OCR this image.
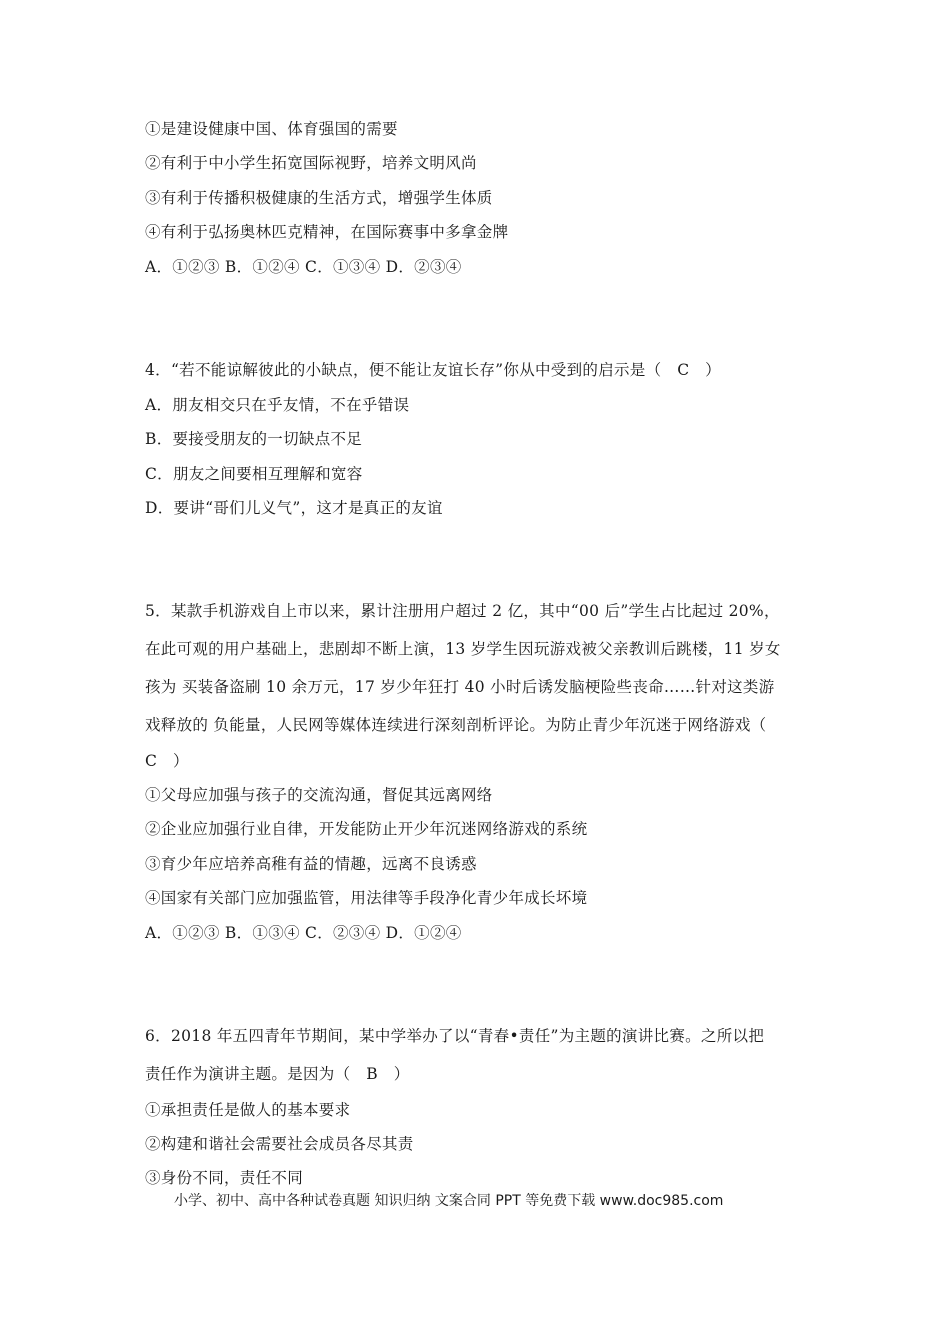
①是建设健康中国、体育强国的需要
②有利于中小学生拓宽国际视野，培养文明风尚
③有利于传播积极健康的生活方式，增强学生体质
④有利于弘扬奥林匹克精神，在国际赛事中多拿金牌
A．①②③ B．①②④ C．①③④ D．②③④
4．“若不能谅解彼此的小缺点，便不能让友谊长存”你从中受到的启示是（　C　）
A．朋友相交只在乎友情，不在乎错误
B．要接受朋友的一切缺点不足
C．朋友之间要相互理解和宽容
D．要讲“哥们儿义气”，这才是真正的友谊
5．某款手机游戏自上市以来，累计注册用户超过 2 亿，其中“00 后”学生占比起过 20%，
在此可观的用户基础上，悲剧却不断上演，13 岁学生因玩游戏被父亲教训后跳楼，11 岁女
孩为 买装备盗刷 10 余万元，17 岁少年狂打 40 小时后诱发脑梗险些丧命……针对这类游
戏释放的 负能量，人民网等媒体连续进行深刻剖析评论。为防止青少年沉迷于网络游戏（
C　）
①父母应加强与孩子的交流沟通，督促其远离网络
②企业应加强行业自律，开发能防止开少年沉迷网络游戏的系统
③育少年应培养高稚有益的情趣，远离不良诱惑
④国家有关部门应加强监管，用法律等手段净化青少年成长坏境
A．①②③ B．①③④ C．②③④ D．①②④
6．2018 年五四青年节期间，某中学举办了以“青春•责任”为主题的演讲比赛。之所以把
责任作为演讲主题。是因为（　B　）
①承担责任是做人的基本要求
②构建和谐社会需要社会成员各尽其责
③身份不同，责任不同
小学、初中、高中各种试卷真题 知识归纳 文案合同 PPT 等免费下载 www.doc985.com
